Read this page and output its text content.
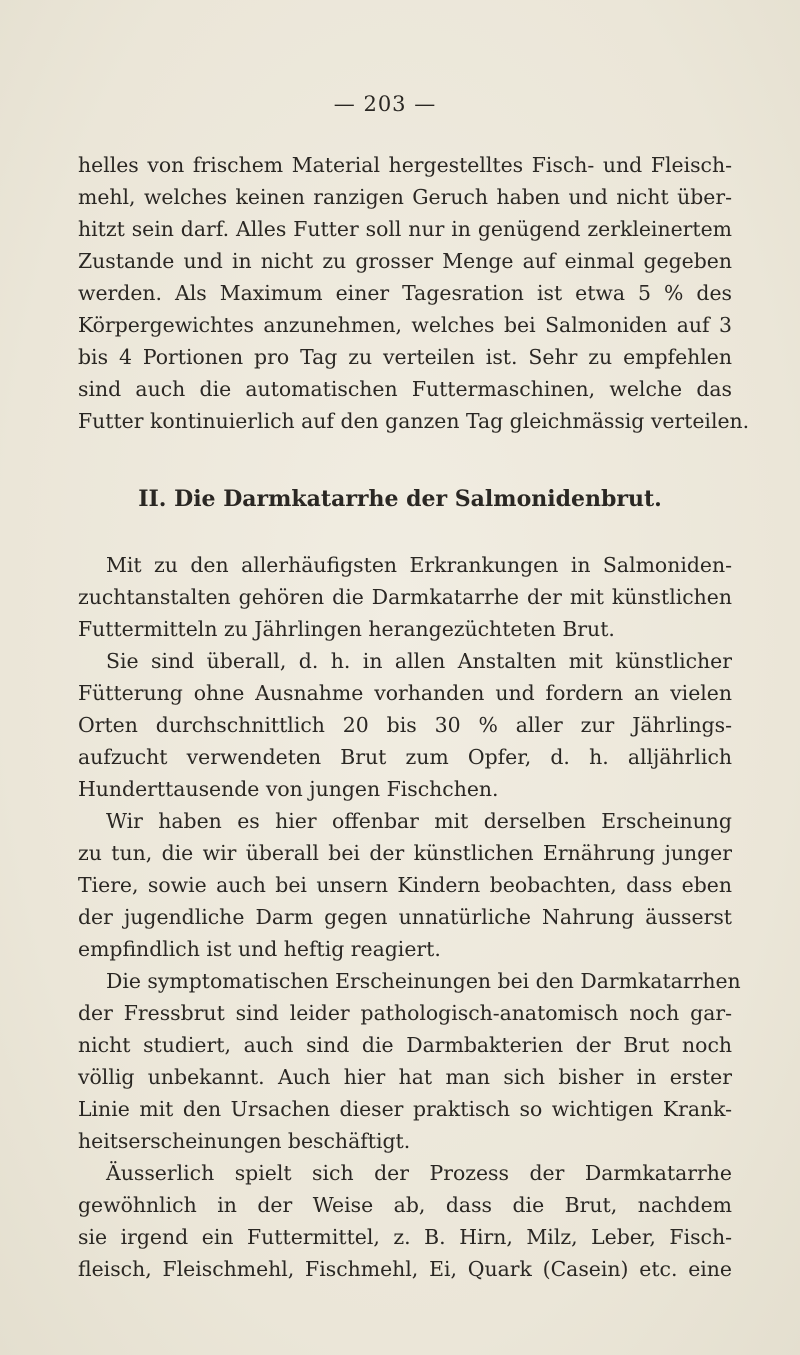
— 203 —
helles von frischem Material hergestelltes Fisch- und Fleisch-
mehl, welches keinen ranzigen Geruch haben und nicht über-
hitzt sein darf. Alles Futter soll nur in genügend zerkleinertem
Zustande und in nicht zu grosser Menge auf einmal gegeben
werden. Als Maximum einer Tagesration ist etwa 5 % des
Körpergewichtes anzunehmen, welches bei Salmoniden auf 3
bis 4 Portionen pro Tag zu verteilen ist. Sehr zu empfehlen
sind auch die automatischen Futtermaschinen, welche das
Futter kontinuierlich auf den ganzen Tag gleichmässig verteilen.
II. Die Darmkatarrhe der Salmonidenbrut.
Mit zu den allerhäufigsten Erkrankungen in Salmoniden-
zuchtanstalten gehören die Darmkatarrhe der mit künstlichen
Futtermitteln zu Jährlingen herangezüchteten Brut.
Sie sind überall, d. h. in allen Anstalten mit künstlicher
Fütterung ohne Ausnahme vorhanden und fordern an vielen
Orten durchschnittlich 20 bis 30 % aller zur Jährlings-
aufzucht verwendeten Brut zum Opfer, d. h. alljährlich
Hunderttausende von jungen Fischchen.
Wir haben es hier offenbar mit derselben Erscheinung
zu tun, die wir überall bei der künstlichen Ernährung junger
Tiere, sowie auch bei unsern Kindern beobachten, dass eben
der jugendliche Darm gegen unnatürliche Nahrung äusserst
empfindlich ist und heftig reagiert.
Die symptomatischen Erscheinungen bei den Darmkatarrhen
der Fressbrut sind leider pathologisch-anatomisch noch gar-
nicht studiert, auch sind die Darmbakterien der Brut noch
völlig unbekannt. Auch hier hat man sich bisher in erster
Linie mit den Ursachen dieser praktisch so wichtigen Krank-
heitserscheinungen beschäftigt.
Äusserlich spielt sich der Prozess der Darmkatarrhe
gewöhnlich in der Weise ab, dass die Brut, nachdem
sie irgend ein Futtermittel, z. B. Hirn, Milz, Leber, Fisch-
fleisch, Fleischmehl, Fischmehl, Ei, Quark (Casein) etc. eine
